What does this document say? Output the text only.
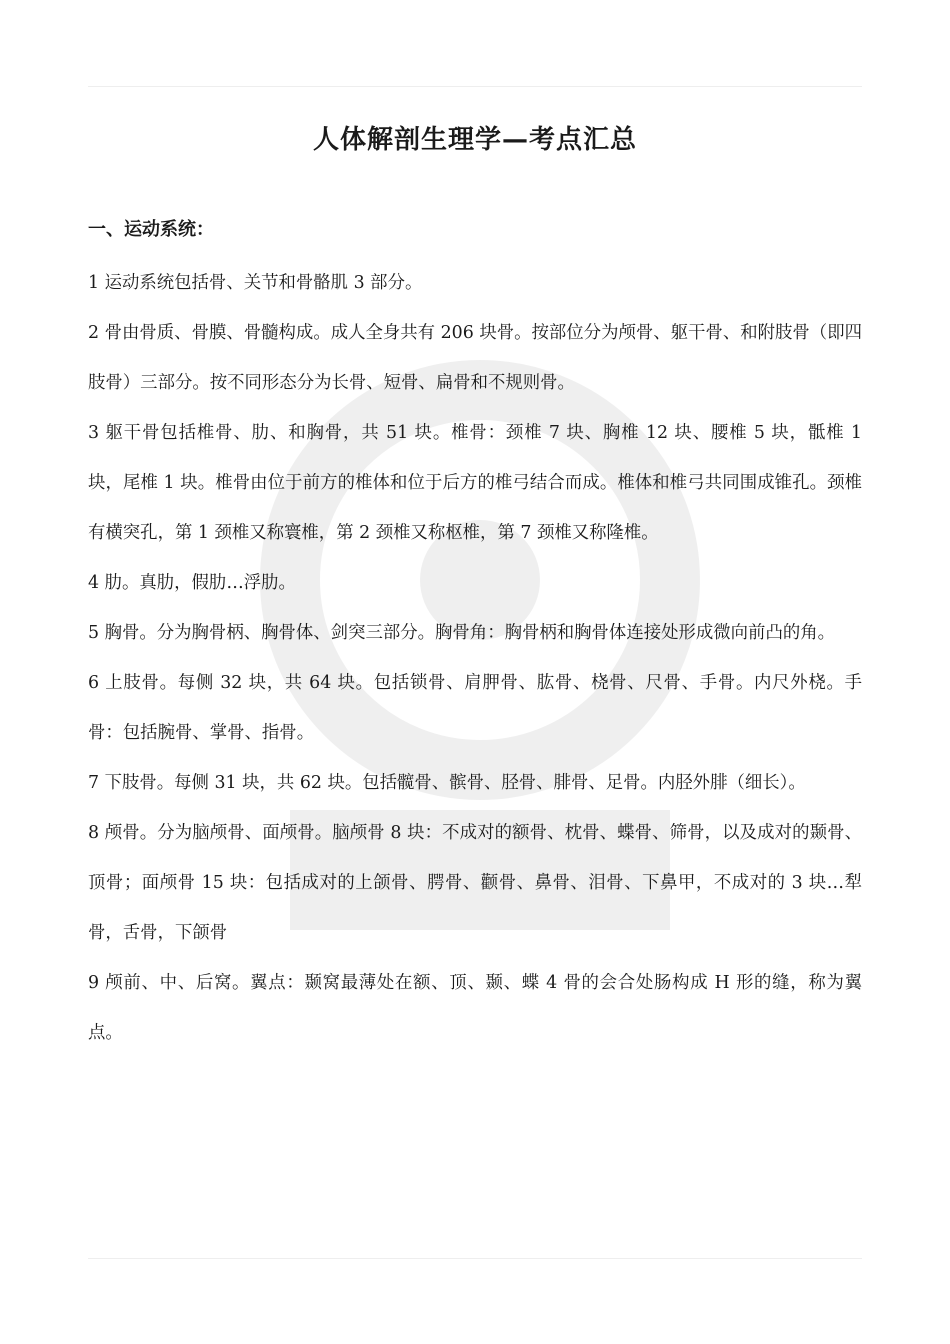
人体解剖生理学—考点汇总
一、运动系统：

1 运动系统包括骨、关节和骨骼肌 3 部分。

2 骨由骨质、骨膜、骨髓构成。成人全身共有 206 块骨。按部位分为颅骨、躯干骨、和附肢骨（即四肢骨）三部分。按不同形态分为长骨、短骨、扁骨和不规则骨。

3 躯干骨包括椎骨、肋、和胸骨，共 51 块。椎骨：颈椎 7 块、胸椎 12 块、腰椎 5 块，骶椎 1 块，尾椎 1 块。椎骨由位于前方的椎体和位于后方的椎弓结合而成。椎体和椎弓共同围成锥孔。颈椎有横突孔，第 1 颈椎又称寰椎，第 2 颈椎又称枢椎，第 7 颈椎又称隆椎。

4 肋。真肋，假肋…浮肋。

5 胸骨。分为胸骨柄、胸骨体、剑突三部分。胸骨角：胸骨柄和胸骨体连接处形成微向前凸的角。

6 上肢骨。每侧 32 块，共 64 块。包括锁骨、肩胛骨、肱骨、桡骨、尺骨、手骨。内尺外桡。手骨：包括腕骨、掌骨、指骨。

7 下肢骨。每侧 31 块，共 62 块。包括髋骨、髌骨、胫骨、腓骨、足骨。内胫外腓（细长）。

8 颅骨。分为脑颅骨、面颅骨。脑颅骨 8 块：不成对的额骨、枕骨、蝶骨、筛骨，以及成对的颞骨、顶骨；面颅骨 15 块：包括成对的上颌骨、腭骨、颧骨、鼻骨、泪骨、下鼻甲，不成对的 3 块…犁骨，舌骨，下颌骨

9 颅前、中、后窝。翼点：颞窝最薄处在额、顶、颞、蝶 4 骨的会合处肠构成 H 形的缝，称为翼点。
